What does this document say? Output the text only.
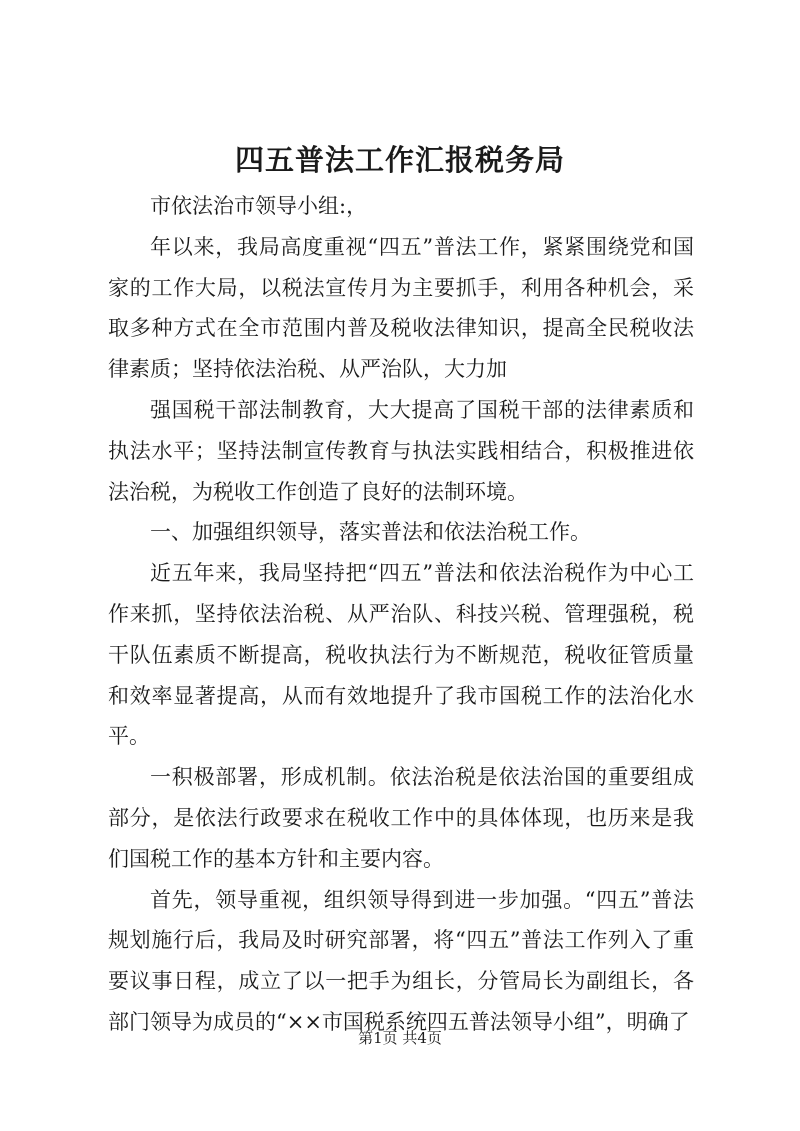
四五普法工作汇报税务局

市依法治市领导小组:，

年以来，我局高度重视“四五”普法工作，紧紧围绕党和国家的工作大局，以税法宣传月为主要抓手，利用各种机会，采取多种方式在全市范围内普及税收法律知识，提高全民税收法律素质；坚持依法治税、从严治队，大力加

强国税干部法制教育，大大提高了国税干部的法律素质和执法水平；坚持法制宣传教育与执法实践相结合，积极推进依法治税，为税收工作创造了良好的法制环境。

一、加强组织领导，落实普法和依法治税工作。

近五年来，我局坚持把“四五”普法和依法治税作为中心工作来抓，坚持依法治税、从严治队、科技兴税、管理强税，税干队伍素质不断提高，税收执法行为不断规范，税收征管质量和效率显著提高，从而有效地提升了我市国税工作的法治化水平。

一积极部署，形成机制。依法治税是依法治国的重要组成部分，是依法行政要求在税收工作中的具体体现，也历来是我们国税工作的基本方针和主要内容。

首先，领导重视，组织领导得到进一步加强。“四五”普法规划施行后，我局及时研究部署，将“四五”普法工作列入了重要议事日程，成立了以一把手为组长，分管局长为副组长，各部门领导为成员的“××市国税系统四五普法领导小组”，明确了

第1页 共4页
